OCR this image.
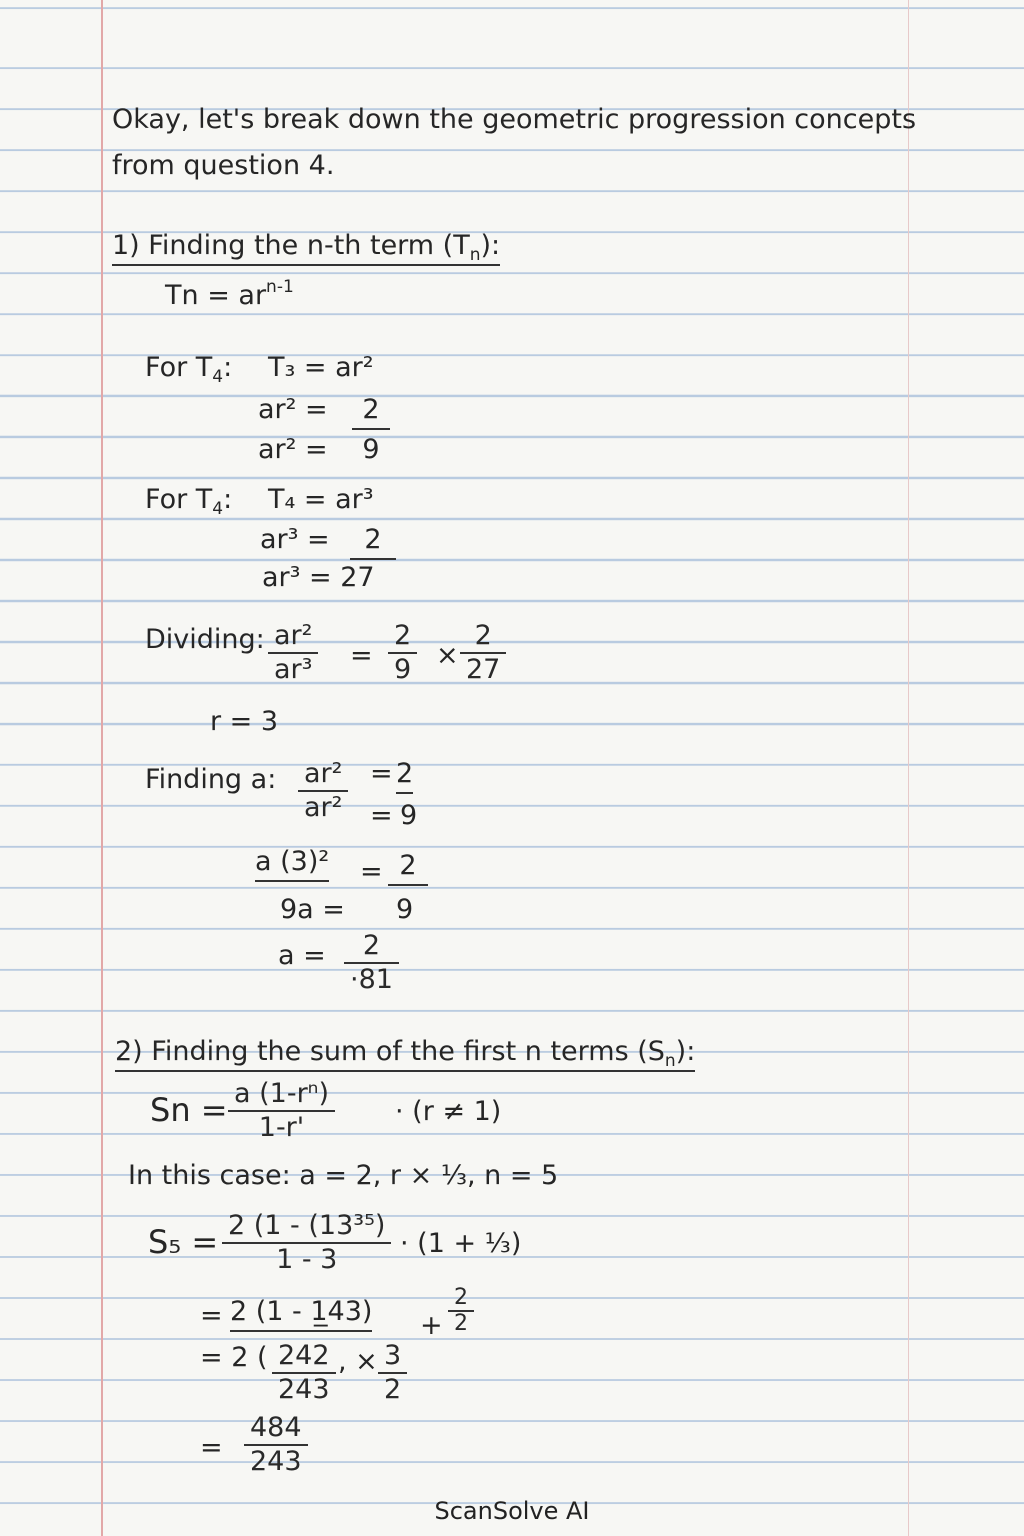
Okay, let's break down the geometric progression concepts
from question 4.
1) Finding the n-th term $(T_n)$:
$Tn = ar^{n-1}$
For $T_4$: T₃ = ar²
ar² =	2
ar² =	9
For $T_4$: T₄ = ar³
ar³ =	2
ar³ = 27
Dividing: $\frac{\text{ar²}}{\text{ar³}} = \frac{2}{9} \times \frac{2}{27}$
r = 3
Finding a: $\frac{\text{ar²}}{\text{ar²}} = 2$
= 9
a (3)² = 2
9a = 9
$a = \frac{2}{\cdot 81}$
2) Finding the sum of the first n terms $(S_n)$:
$Sn = \frac{\text{a (1-rⁿ)}}{1-r'} \cdot (r \ne 1)$
In this case: a = 2, r × ⅓, n = 5
$S_5 = \frac{\text{2 (1 - (13³⁵)}}{1 - 3} \cdot (1$ + ⅓)
= 2 (1 - 1̲43) + $\frac{2}{2}$
= 2 ( $\frac{242}{243}$ , × $\frac{3}{2}$
= $\frac{484}{243}$
ScanSolve AI
